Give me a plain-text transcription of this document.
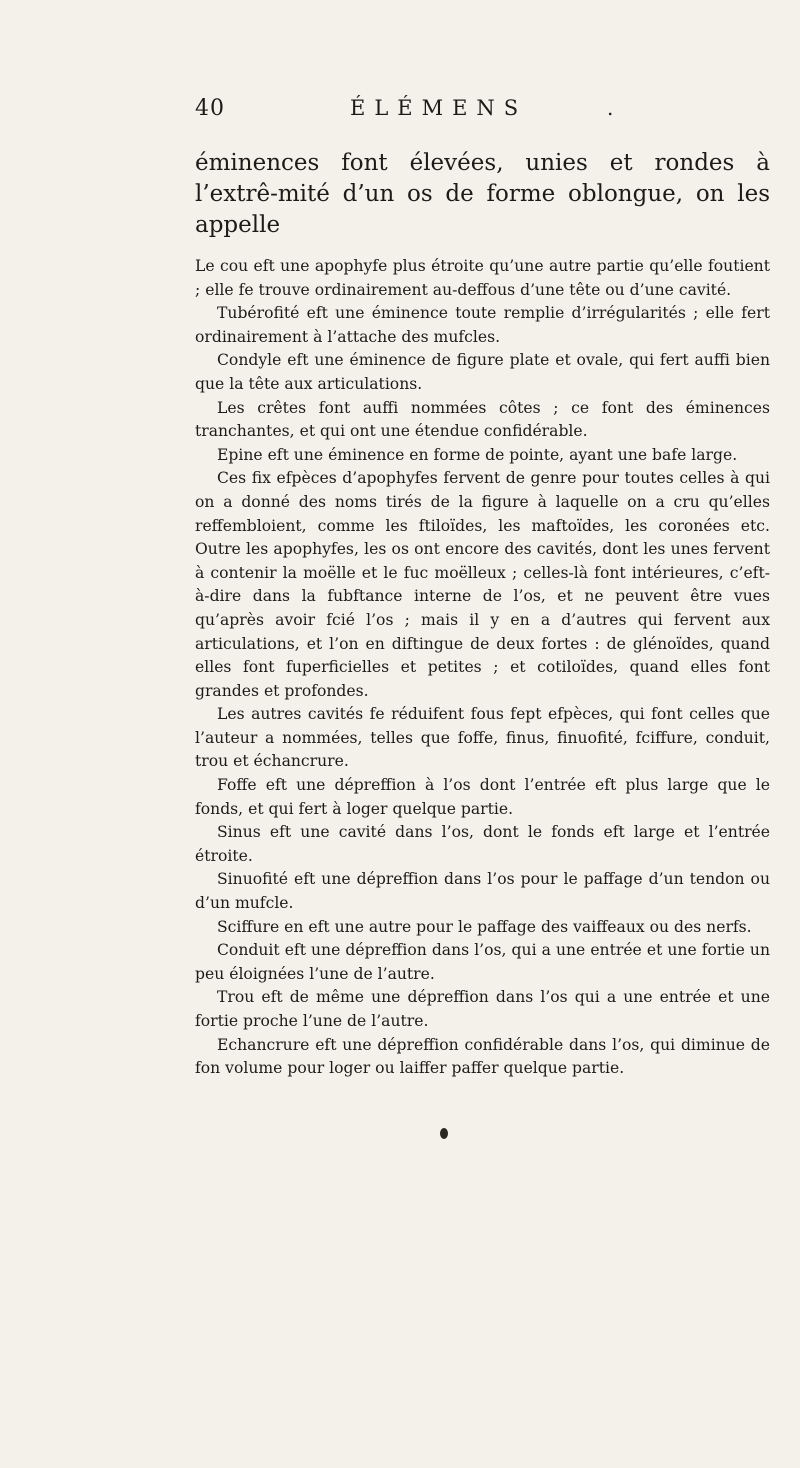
40	ÉLÉMENS	.

éminences font élevées, unies et rondes à l’extrê-mité d’un os de forme oblongue, on les appelle

Le cou eft une apophyfe plus étroite qu’une autre partie qu’elle foutient ; elle fe trouve ordinairement au-deffous d’une tête ou d’une cavité.

Tubérofité eft une éminence toute remplie d’irrégularités ; elle fert ordinairement à l’attache des mufcles.

Condyle eft une éminence de figure plate et ovale, qui fert auffi bien que la tête aux articulations.

Les crêtes font auffi nommées côtes ; ce font des éminences tranchantes, et qui ont une étendue confidérable.

Epine eft une éminence en forme de pointe, ayant une bafe large.

Ces fix efpèces d’apophyfes fervent de genre pour toutes celles à qui on a donné des noms tirés de la figure à laquelle on a cru qu’elles reffembloient, comme les ftiloïdes, les maftoïdes, les coronées etc. Outre les apophyfes, les os ont encore des cavités, dont les unes fervent à contenir la moëlle et le fuc moëlleux ; celles-là font intérieures, c’eft-à-dire dans la fubftance interne de l’os, et ne peuvent être vues qu’après avoir fcié l’os ; mais il y en a d’autres qui fervent aux articulations, et l’on en diftingue de deux fortes : de glénoïdes, quand elles font fuperficielles et petites ; et cotiloïdes, quand elles font grandes et profondes.

Les autres cavités fe réduifent fous fept efpèces, qui font celles que l’auteur a nommées, telles que foffe, finus, finuofité, fciffure, conduit, trou et échancrure.

Foffe eft une dépreffion à l’os dont l’entrée eft plus large que le fonds, et qui fert à loger quelque partie.

Sinus eft une cavité dans l’os, dont le fonds eft large et l’entrée étroite.

Sinuofité eft une dépreffion dans l’os pour le paffage d’un tendon ou d’un mufcle.

Sciffure en eft une autre pour le paffage des vaiffeaux ou des nerfs.

Conduit eft une dépreffion dans l’os, qui a une entrée et une fortie un peu éloignées l’une de l’autre.

Trou eft de même une dépreffion dans l’os qui a une entrée et une fortie proche l’une de l’autre.

Echancrure eft une dépreffion confidérable dans l’os, qui diminue de fon volume pour loger ou laiffer paffer quelque partie.
